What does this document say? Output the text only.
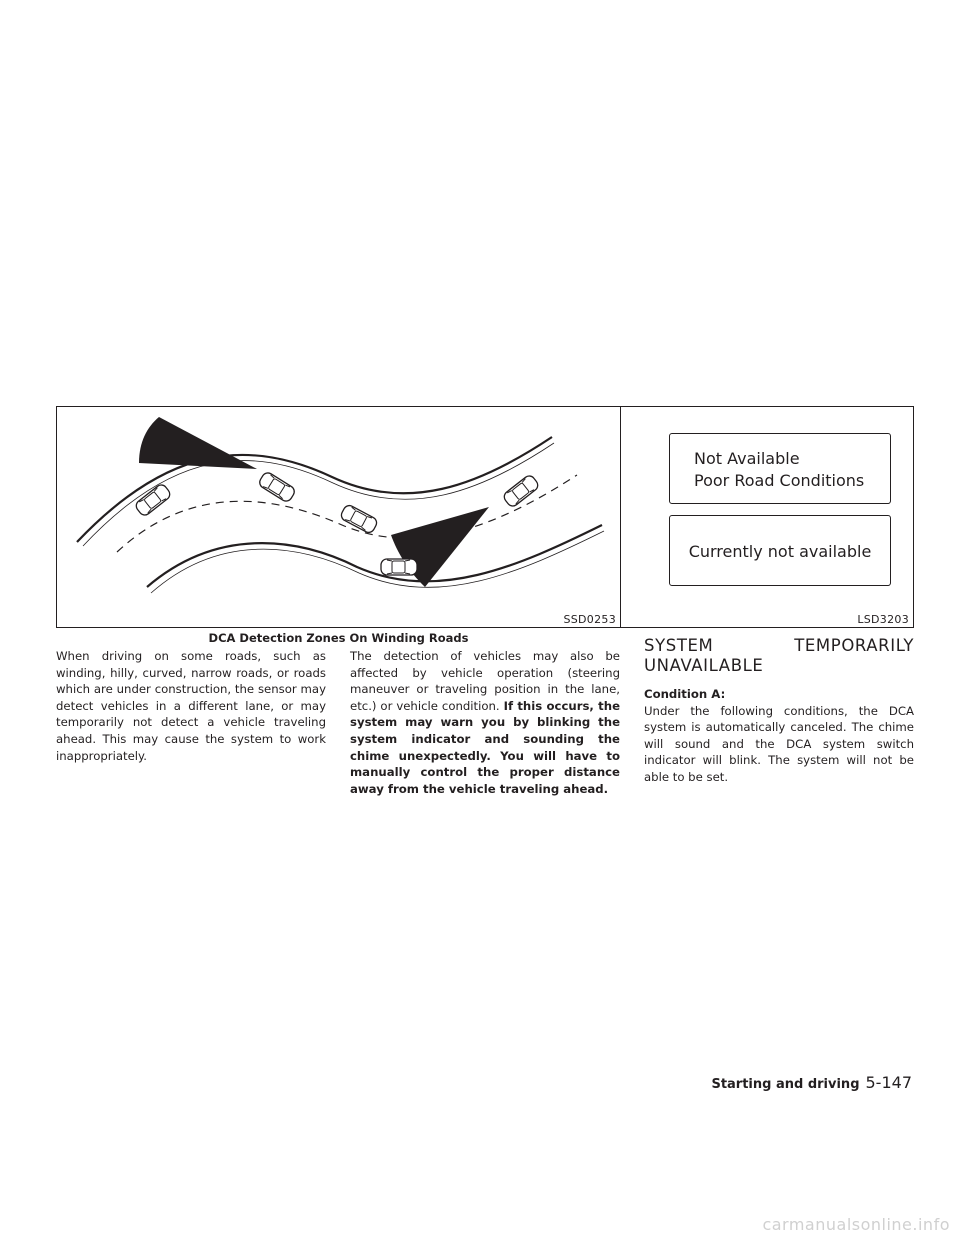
SSD0253
Not Available
Poor Road Conditions
Currently not available
LSD3203
DCA Detection Zones On Winding Roads

When driving on some roads, such as winding, hilly, curved, narrow roads, or roads which are under construction, the sensor may detect vehicles in a different lane, or may temporarily not detect a vehicle traveling ahead. This may cause the system to work inappropriately.

The detection of vehicles may also be affected by vehicle operation (steering maneuver or traveling position in the lane, etc.) or vehicle condition. If this occurs, the system may warn you by blinking the system indicator and sounding the chime unexpectedly. You will have to manually control the proper distance away from the vehicle traveling ahead.

SYSTEM TEMPORARILY UNAVAILABLE

Condition A:

Under the following conditions, the DCA system is automatically canceled. The chime will sound and the DCA system switch indicator will blink. The system will not be able to be set.

Starting and driving 5-147
carmanualsonline.info
